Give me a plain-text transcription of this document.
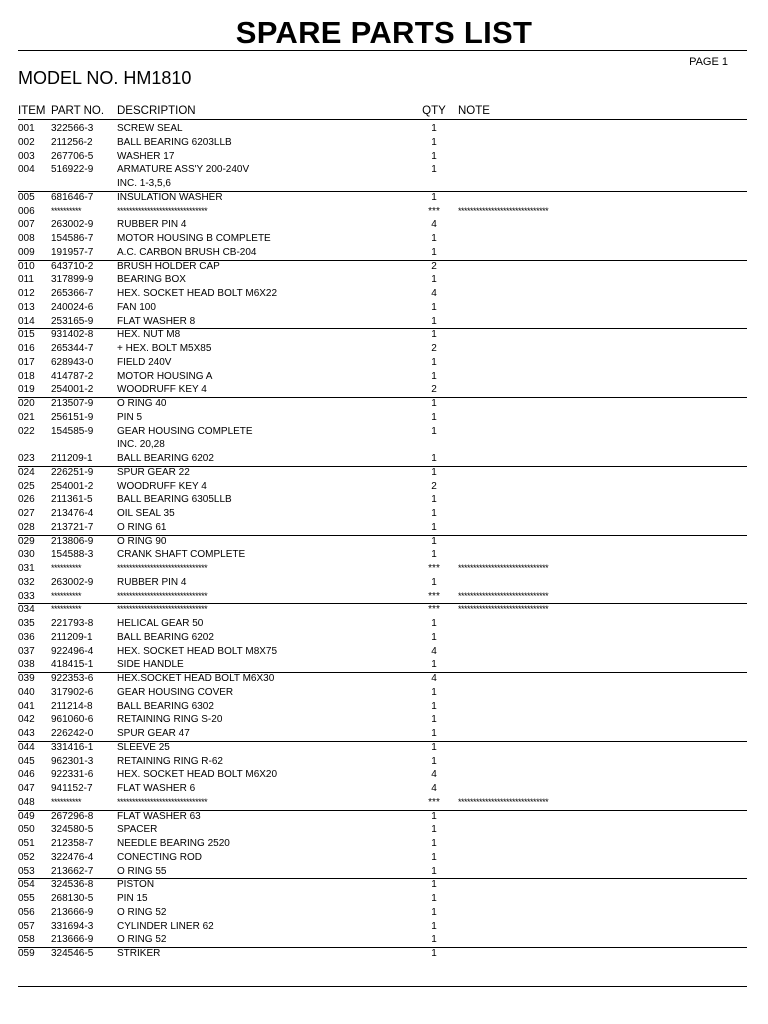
SPARE PARTS LIST
PAGE 1
MODEL NO. HM1810
ITEM PART NO. DESCRIPTION	QTY	NOTE
001 322566-3 SCREW SEAL	1
002 211256-2 BALL BEARING 6203LLB	1
003 267706-5 WASHER 17	1
004 516922-9 ARMATURE ASS'Y 200-240V	1
INC. 1-3,5,6
005 681646-7 INSULATION WASHER	1
006 **********	******************************	***	******************************
007 263002-9 RUBBER PIN 4	4
008 154586-7 MOTOR HOUSING B COMPLETE	1
009 191957-7 A.C. CARBON BRUSH CB-204	1
010 643710-2 BRUSH HOLDER CAP	2
011 317899-9 BEARING BOX	1
012 265366-7 HEX. SOCKET HEAD BOLT M6X22	4
013 240024-6 FAN 100	1
014 253165-9 FLAT WASHER 8	1
015 931402-8 HEX. NUT M8	1
016 265344-7 + HEX. BOLT M5X85	2
017 628943-0 FIELD 240V	1
018 414787-2 MOTOR HOUSING A	1
019 254001-2 WOODRUFF KEY 4	2
020 213507-9 O RING 40	1
021 256151-9 PIN 5	1
022 154585-9 GEAR HOUSING COMPLETE	1
INC. 20,28
023 211209-1 BALL BEARING 6202	1
024 226251-9 SPUR GEAR 22	1
025 254001-2 WOODRUFF KEY 4	2
026 211361-5 BALL BEARING 6305LLB	1
027 213476-4 OIL SEAL 35	1
028 213721-7 O RING 61	1
029 213806-9 O RING 90	1
030 154588-3 CRANK SHAFT COMPLETE	1
031 **********	******************************	***	******************************
032 263002-9 RUBBER PIN 4	1
033 **********	******************************	***	******************************
034 **********	******************************	***	******************************
035 221793-8 HELICAL GEAR 50	1
036 211209-1 BALL BEARING 6202	1
037 922496-4 HEX. SOCKET HEAD BOLT M8X75	4
038 418415-1 SIDE HANDLE	1
039 922353-6 HEX.SOCKET HEAD BOLT M6X30	4
040 317902-6 GEAR HOUSING COVER	1
041 211214-8 BALL BEARING 6302	1
042 961060-6 RETAINING RING S-20	1
043 226242-0 SPUR GEAR 47	1
044 331416-1 SLEEVE 25	1
045 962301-3 RETAINING RING R-62	1
046 922331-6 HEX. SOCKET HEAD BOLT M6X20	4
047 941152-7 FLAT WASHER 6	4
048 **********	******************************	***	******************************
049 267296-8 FLAT WASHER 63	1
050 324580-5 SPACER	1
051 212358-7 NEEDLE BEARING 2520	1
052 322476-4 CONECTING ROD	1
053 213662-7 O RING 55	1
054 324536-8 PISTON	1
055 268130-5 PIN 15	1
056 213666-9 O RING 52	1
057 331694-3 CYLINDER LINER 62	1
058 213666-9 O RING 52	1
059 324546-5 STRIKER	1
